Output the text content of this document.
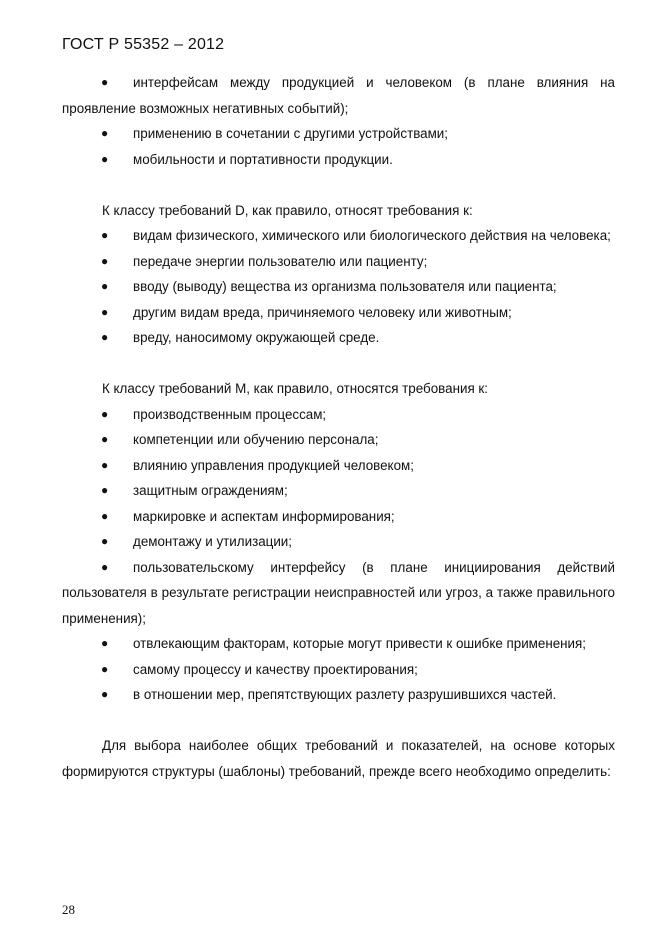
ГОСТ Р 55352 – 2012
● интерфейсам между продукцией и человеком (в плане влияния на проявление возможных негативных событий);
● применению в сочетании с другими устройствами;
● мобильности и портативности продукции.
К классу требований D, как правило, относят требования к:
● видам физического, химического или биологического действия на человека;
● передаче энергии пользователю или пациенту;
● вводу (выводу) вещества из организма пользователя или пациента;
● другим видам вреда, причиняемого человеку или животным;
● вреду, наносимому окружающей среде.
К классу требований M, как правило, относятся требования к:
● производственным процессам;
● компетенции или обучению персонала;
● влиянию управления продукцией человеком;
● защитным ограждениям;
● маркировке и аспектам информирования;
● демонтажу и утилизации;
● пользовательскому интерфейсу (в плане инициирования действий пользователя в результате регистрации неисправностей или угроз, а также правильного применения);
● отвлекающим факторам, которые могут привести к ошибке применения;
● самому процессу и качеству проектирования;
● в отношении мер, препятствующих разлету разрушившихся частей.
Для выбора наиболее общих требований и показателей, на основе которых формируются структуры (шаблоны) требований, прежде всего необходимо определить:
28
